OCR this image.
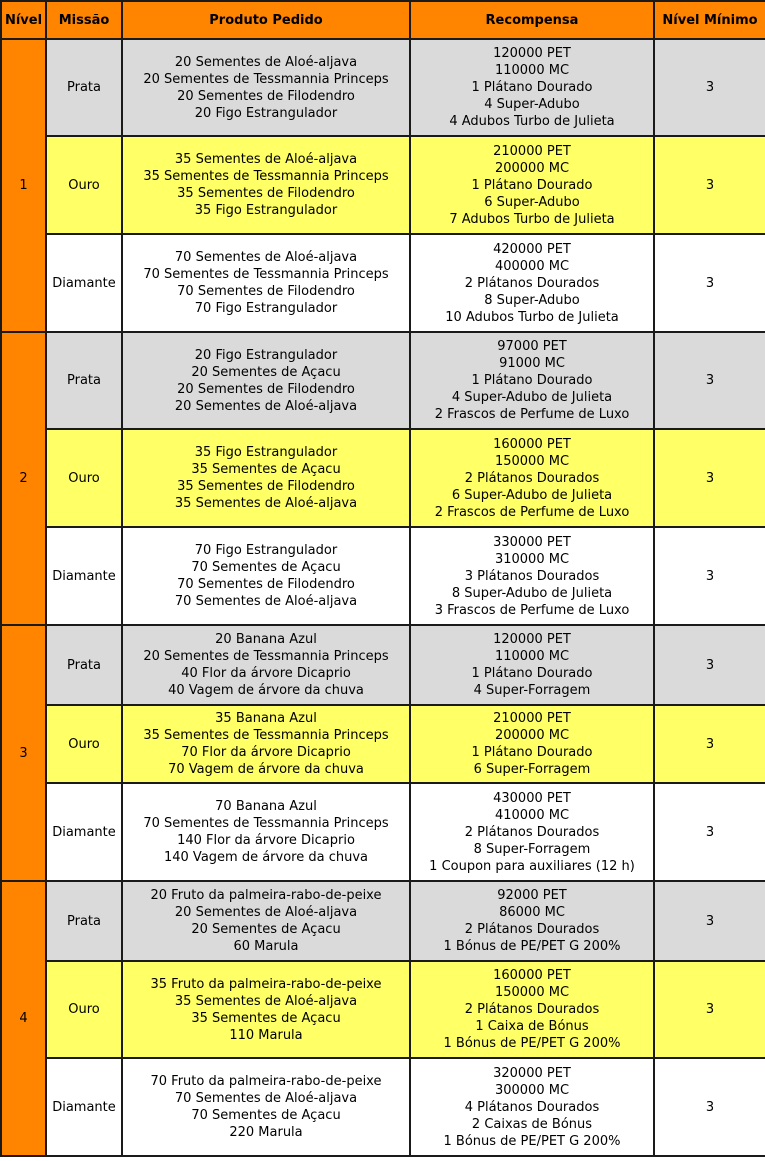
Nível	Missão	Produto Pedido	Recompensa	Nível Mínimo
1	Prata	20 Sementes de Aloé-aljava
20 Sementes de Tessmannia Princeps
20 Sementes de Filodendro
20 Figo Estrangulador	120000 PET
110000 MC
1 Plátano Dourado
4 Super-Adubo
4 Adubos Turbo de Julieta	3
	Ouro	35 Sementes de Aloé-aljava
35 Sementes de Tessmannia Princeps
35 Sementes de Filodendro
35 Figo Estrangulador	210000 PET
200000 MC
1 Plátano Dourado
6 Super-Adubo
7 Adubos Turbo de Julieta	3
	Diamante	70 Sementes de Aloé-aljava
70 Sementes de Tessmannia Princeps
70 Sementes de Filodendro
70 Figo Estrangulador	420000 PET
400000 MC
2 Plátanos Dourados
8 Super-Adubo
10 Adubos Turbo de Julieta	3
2	Prata	20 Figo Estrangulador
20 Sementes de Açacu
20 Sementes de Filodendro
20 Sementes de Aloé-aljava	97000 PET
91000 MC
1 Plátano Dourado
4 Super-Adubo de Julieta
2 Frascos de Perfume de Luxo	3
	Ouro	35 Figo Estrangulador
35 Sementes de Açacu
35 Sementes de Filodendro
35 Sementes de Aloé-aljava	160000 PET
150000 MC
2 Plátanos Dourados
6 Super-Adubo de Julieta
2 Frascos de Perfume de Luxo	3
	Diamante	70 Figo Estrangulador
70 Sementes de Açacu
70 Sementes de Filodendro
70 Sementes de Aloé-aljava	330000 PET
310000 MC
3 Plátanos Dourados
8 Super-Adubo de Julieta
3 Frascos de Perfume de Luxo	3
3	Prata	20 Banana Azul
20 Sementes de Tessmannia Princeps
40 Flor da árvore Dicaprio
40 Vagem de árvore da chuva	120000 PET
110000 MC
1 Plátano Dourado
4 Super-Forragem	3
	Ouro	35 Banana Azul
35 Sementes de Tessmannia Princeps
70 Flor da árvore Dicaprio
70 Vagem de árvore da chuva	210000 PET
200000 MC
1 Plátano Dourado
6 Super-Forragem	3
	Diamante	70 Banana Azul
70 Sementes de Tessmannia Princeps
140 Flor da árvore Dicaprio
140 Vagem de árvore da chuva	430000 PET
410000 MC
2 Plátanos Dourados
8 Super-Forragem
1 Coupon para auxiliares (12 h)	3
4	Prata	20 Fruto da palmeira-rabo-de-peixe
20 Sementes de Aloé-aljava
20 Sementes de Açacu
60 Marula	92000 PET
86000 MC
2 Plátanos Dourados
1 Bónus de PE/PET G 200%	3
	Ouro	35 Fruto da palmeira-rabo-de-peixe
35 Sementes de Aloé-aljava
35 Sementes de Açacu
110 Marula	160000 PET
150000 MC
2 Plátanos Dourados
1 Caixa de Bónus
1 Bónus de PE/PET G 200%	3
	Diamante	70 Fruto da palmeira-rabo-de-peixe
70 Sementes de Aloé-aljava
70 Sementes de Açacu
220 Marula	320000 PET
300000 MC
4 Plátanos Dourados
2 Caixas de Bónus
1 Bónus de PE/PET G 200%	3
